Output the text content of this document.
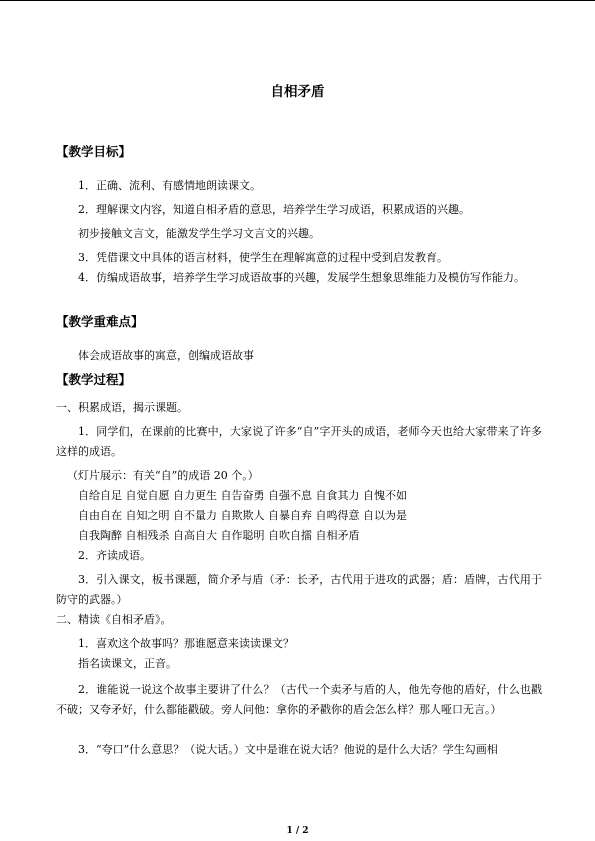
自相矛盾
【教学目标】
1．正确、流利、有感情地朗读课文。
2．理解课文内容，知道自相矛盾的意思，培养学生学习成语，积累成语的兴趣。
初步接触文言文，能激发学生学习文言文的兴趣。
3．凭借课文中具体的语言材料，使学生在理解寓意的过程中受到启发教育。
4．仿编成语故事，培养学生学习成语故事的兴趣，发展学生想象思维能力及模仿写作能力。
【教学重难点】
体会成语故事的寓意，创编成语故事
【教学过程】
一、积累成语，揭示课题。
1．同学们，在课前的比赛中，大家说了许多“自”字开头的成语，老师今天也给大家带来了许多这样的成语。
（灯片展示：有关“自”的成语 20 个。）
自给自足 自觉自愿 自力更生 自告奋勇 自强不息 自食其力 自愧不如
自由自在 自知之明 自不量力 自欺欺人 自暴自弃 自鸣得意 自以为是
自我陶醉 自相残杀 自高自大 自作聪明 自吹自擂 自相矛盾
2．齐读成语。
3．引入课文，板书课题，简介矛与盾（矛：长矛，古代用于进攻的武器；盾：盾牌，古代用于防守的武器。）
二、精读《自相矛盾》。
1．喜欢这个故事吗？那谁愿意来读读课文？
指名读课文，正音。
2．谁能说一说这个故事主要讲了什么？（古代一个卖矛与盾的人，他先夸他的盾好，什么也戳不破；又夸矛好，什么都能戳破。旁人问他：拿你的矛戳你的盾会怎么样？那人哑口无言。）
3．“夸口”什么意思？（说大话。）文中是谁在说大话？他说的是什么大话？学生勾画相
1 / 2
